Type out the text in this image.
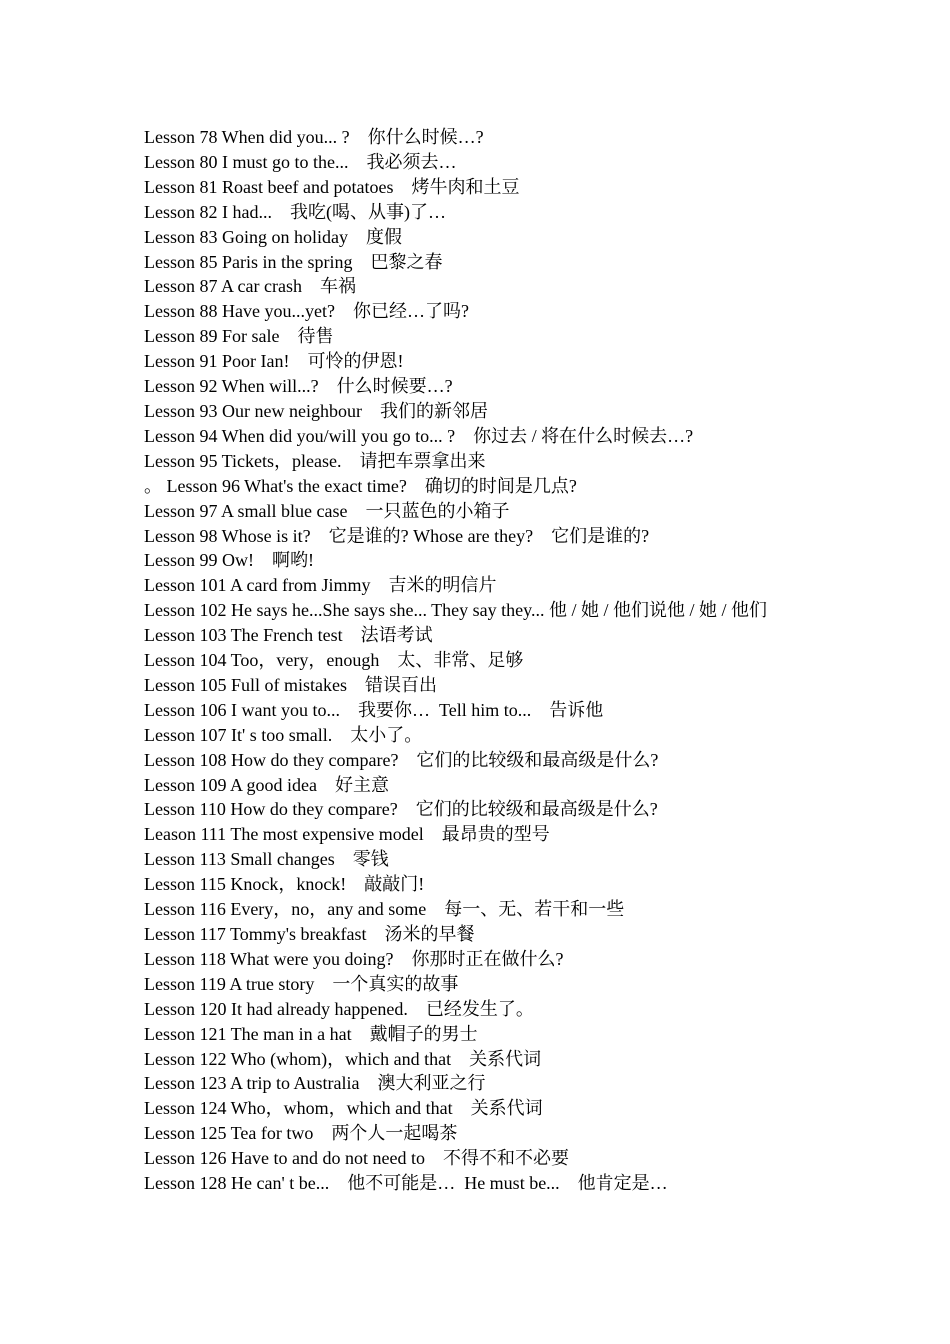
Lesson 78 When did you... ?　你什么时候…?
Lesson 80 I must go to the...　我必须去…
Lesson 81 Roast beef and potatoes　烤牛肉和土豆
Lesson 82 I had...　我吃(喝、从事)了…
Lesson 83 Going on holiday　度假
Lesson 85 Paris in the spring　巴黎之春
Lesson 87 A car crash　车祸
Lesson 88 Have you...yet?　你已经…了吗?
Lesson 89 For sale　待售
Lesson 91 Poor Ian!　可怜的伊恩!
Lesson 92 When will...?　什么时候要…?
Lesson 93 Our new neighbour　我们的新邻居
Lesson 94 When did you/will you go to... ?　你过去 / 将在什么时候去…?
Lesson 95 Tickets，please.　请把车票拿出来
。 Lesson 96 What's the exact time?　确切的时间是几点?
Lesson 97 A small blue case　一只蓝色的小箱子
Lesson 98 Whose is it?　它是谁的? Whose are they?　它们是谁的?
Lesson 99 Ow!　啊哟!
Lesson 101 A card from Jimmy　吉米的明信片
Lesson 102 He says he...She says she... They say they... 他 / 她 / 他们说他 / 她 / 他们
Lesson 103 The French test　法语考试
Lesson 104 Too，very，enough　太、非常、足够
Lesson 105 Full of mistakes　错误百出
Lesson 106 I want you to...　我要你…  Tell him to...　告诉他
Lesson 107 It' s too small.　太小了。
Lesson 108 How do they compare?　它们的比较级和最高级是什么?
Lesson 109 A good idea　好主意
Lesson 110 How do they compare?　它们的比较级和最高级是什么?
Leason 111 The most expensive model　最昂贵的型号
Lesson 113 Small changes　零钱
Lesson 115 Knock，knock!　敲敲门!
Lesson 116 Every，no，any and some　每一、无、若干和一些
Lesson 117 Tommy's breakfast　汤米的早餐
Lesson 118 What were you doing?　你那时正在做什么?
Lesson 119 A true story　一个真实的故事
Lesson 120 It had already happened.　已经发生了。
Lesson 121 The man in a hat　戴帽子的男士
Lesson 122 Who (whom)，which and that　关系代词
Lesson 123 A trip to Australia　澳大利亚之行
Lesson 124 Who，whom，which and that　关系代词
Lesson 125 Tea for two　两个人一起喝茶
Lesson 126 Have to and do not need to　不得不和不必要
Lesson 128 He can' t be...　他不可能是…  He must be...　他肯定是…
